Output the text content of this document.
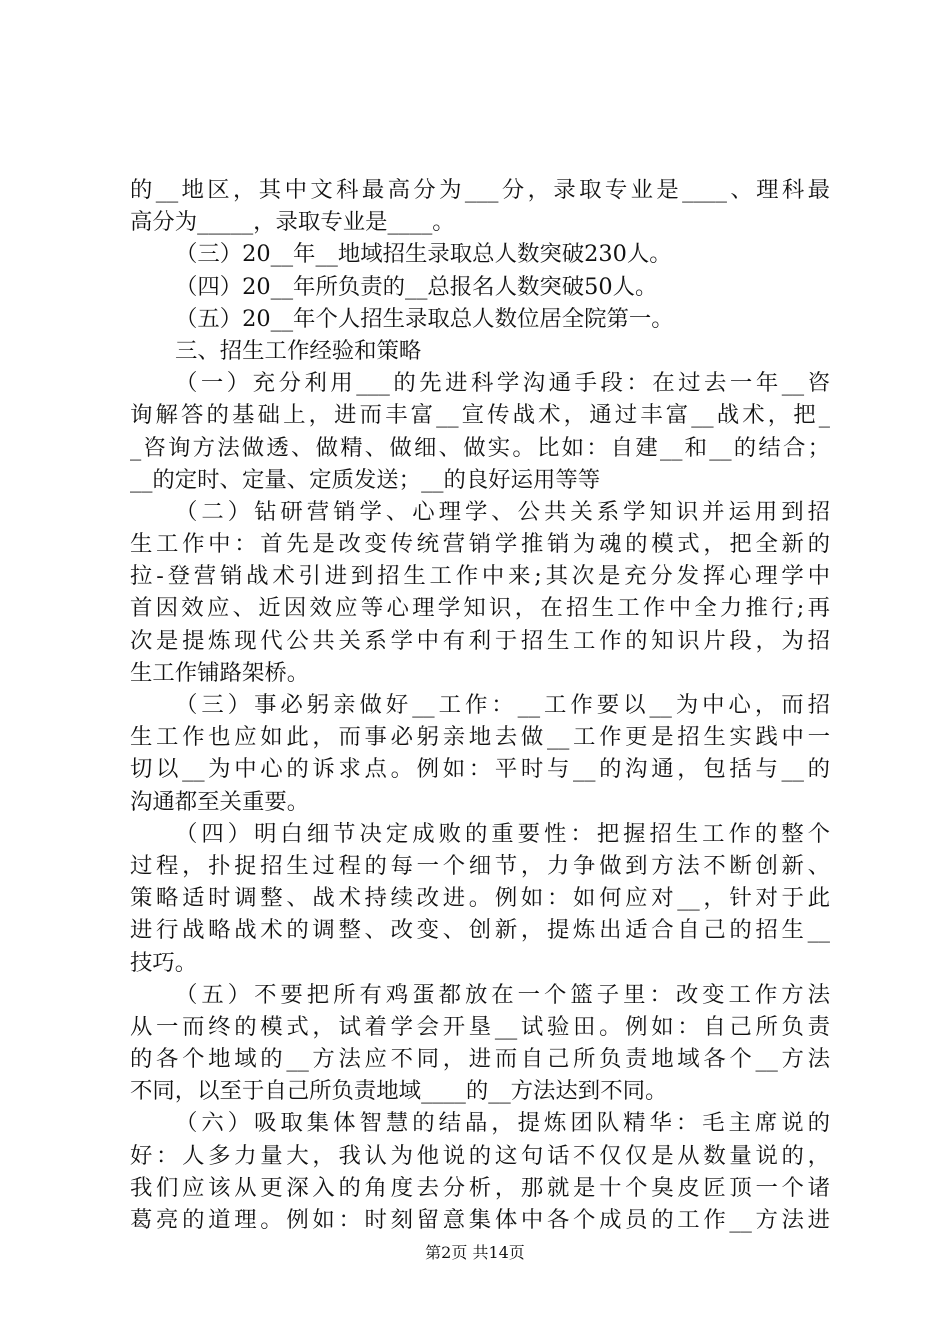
的__地区，其中文科最高分为___分，录取专业是____、理科最
高分为_____，录取专业是____。
（三）20__年__地域招生录取总人数突破230人。
（四）20__年所负责的__总报名人数突破50人。
（五）20__年个人招生录取总人数位居全院第一。
三、招生工作经验和策略
（一）充分利用___的先进科学沟通手段：在过去一年__咨
询解答的基础上，进而丰富__宣传战术，通过丰富__战术，把_
_咨询方法做透、做精、做细、做实。比如：自建__和__的结合；
__的定时、定量、定质发送；__的良好运用等等
（二）钻研营销学、心理学、公共关系学知识并运用到招
生工作中：首先是改变传统营销学推销为魂的模式，把全新的
拉-登营销战术引进到招生工作中来;其次是充分发挥心理学中
首因效应、近因效应等心理学知识，在招生工作中全力推行;再
次是提炼现代公共关系学中有利于招生工作的知识片段，为招
生工作铺路架桥。
（三）事必躬亲做好__工作：__工作要以__为中心，而招
生工作也应如此，而事必躬亲地去做__工作更是招生实践中一
切以__为中心的诉求点。例如：平时与__的沟通，包括与__的
沟通都至关重要。
（四）明白细节决定成败的重要性：把握招生工作的整个
过程，扑捉招生过程的每一个细节，力争做到方法不断创新、
策略适时调整、战术持续改进。例如：如何应对__，针对于此
进行战略战术的调整、改变、创新，提炼出适合自己的招生__
技巧。
（五）不要把所有鸡蛋都放在一个篮子里：改变工作方法
从一而终的模式，试着学会开垦__试验田。例如：自己所负责
的各个地域的__方法应不同，进而自己所负责地域各个__方法
不同，以至于自己所负责地域____的__方法达到不同。
（六）吸取集体智慧的结晶，提炼团队精华：毛主席说的
好：人多力量大，我认为他说的这句话不仅仅是从数量说的，
我们应该从更深入的角度去分析，那就是十个臭皮匠顶一个诸
葛亮的道理。例如：时刻留意集体中各个成员的工作__方法进
第2页 共14页
